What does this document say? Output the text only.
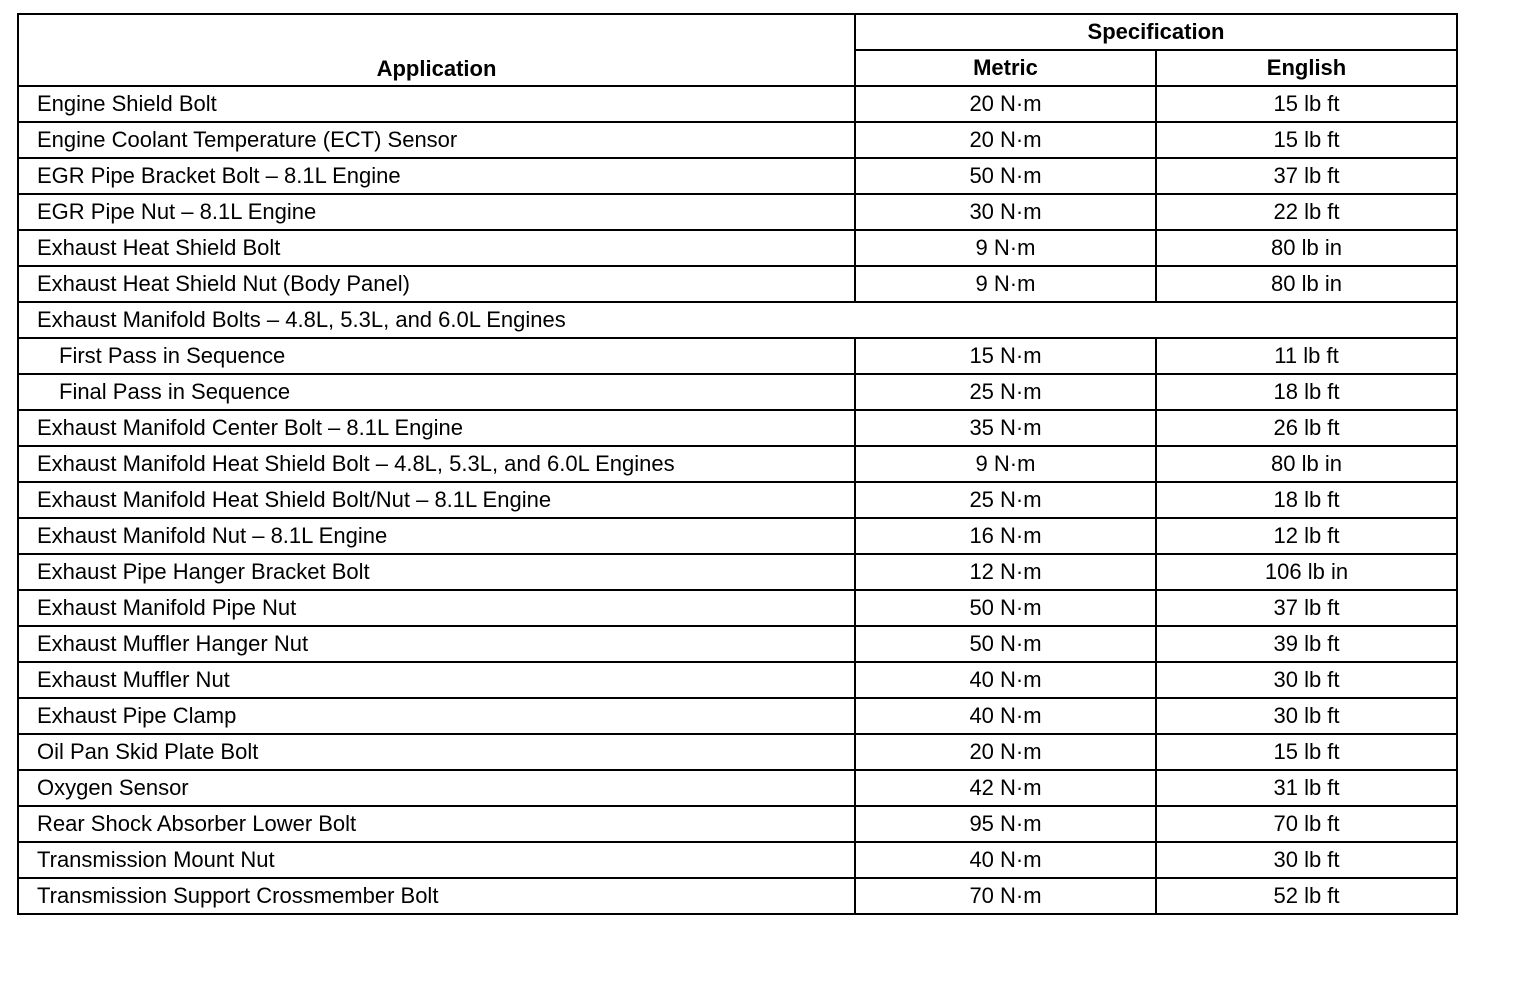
Application	Specification	
	Metric	English
Engine Shield Bolt	20 N·m	15 lb ft
Engine Coolant Temperature (ECT) Sensor	20 N·m	15 lb ft
EGR Pipe Bracket Bolt – 8.1L Engine	50 N·m	37 lb ft
EGR Pipe Nut – 8.1L Engine	30 N·m	22 lb ft
Exhaust Heat Shield Bolt	9 N·m	80 lb in
Exhaust Heat Shield Nut (Body Panel)	9 N·m	80 lb in
Exhaust Manifold Bolts – 4.8L, 5.3L, and 6.0L Engines		
First Pass in Sequence	15 N·m	11 lb ft
Final Pass in Sequence	25 N·m	18 lb ft
Exhaust Manifold Center Bolt – 8.1L Engine	35 N·m	26 lb ft
Exhaust Manifold Heat Shield Bolt – 4.8L, 5.3L, and 6.0L Engines	9 N·m	80 lb in
Exhaust Manifold Heat Shield Bolt/Nut – 8.1L Engine	25 N·m	18 lb ft
Exhaust Manifold Nut – 8.1L Engine	16 N·m	12 lb ft
Exhaust Pipe Hanger Bracket Bolt	12 N·m	106 lb in
Exhaust Manifold Pipe Nut	50 N·m	37 lb ft
Exhaust Muffler Hanger Nut	50 N·m	39 lb ft
Exhaust Muffler Nut	40 N·m	30 lb ft
Exhaust Pipe Clamp	40 N·m	30 lb ft
Oil Pan Skid Plate Bolt	20 N·m	15 lb ft
Oxygen Sensor	42 N·m	31 lb ft
Rear Shock Absorber Lower Bolt	95 N·m	70 lb ft
Transmission Mount Nut	40 N·m	30 lb ft
Transmission Support Crossmember Bolt	70 N·m	52 lb ft
